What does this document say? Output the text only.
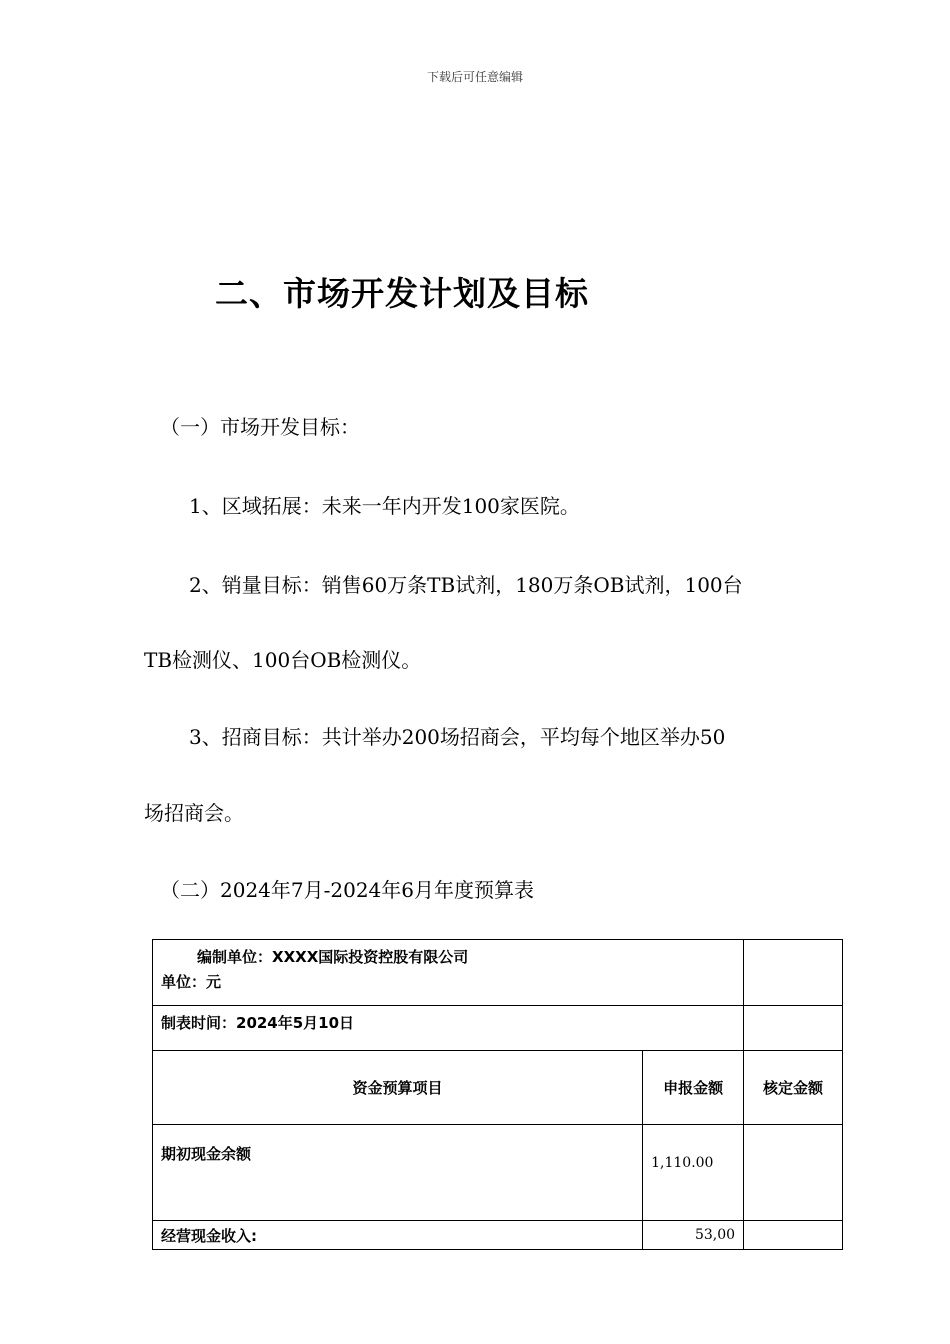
下载后可任意编辑
二、市场开发计划及目标

（一）市场开发目标：

1、区域拓展：未来一年内开发100家医院。

2、销量目标：销售60万条TB试剂，180万条OB试剂，100台

TB检测仪、100台OB检测仪。

3、招商目标：共计举办200场招商会，平均每个地区举办50

场招商会。

（二）2024年7月-2024年6月年度预算表

编制单位：XXXX国际投资控股有限公司
单位：元		

制表时间：2024年5月10日		

资金预算项目	申报金额	核定金额
期初现金余额	1,110.00	
经营现金收入:	53,00	
